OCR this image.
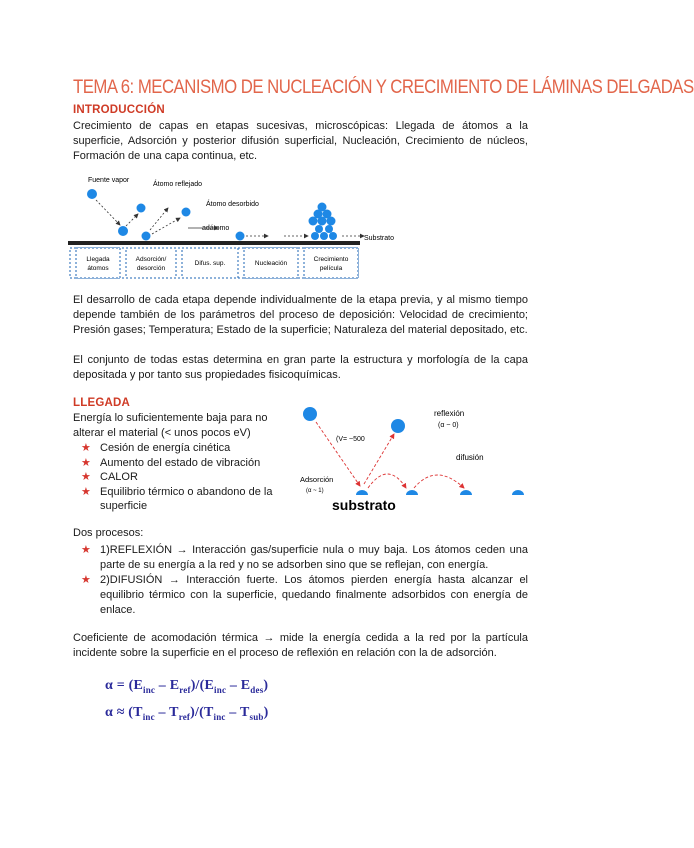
TEMA 6: MECANISMO DE NUCLEACIÓN Y CRECIMIENTO DE LÁMINAS DELGADAS
INTRODUCCIÓN

Crecimiento de capas en etapas sucesivas, microscópicas: Llegada de átomos a la superficie, Adsorción y posterior difusión superficial, Nucleación, Crecimiento de núcleos, Formación de una capa continua, etc.

Fuente vapor
Átomo reflejado
Átomo desorbido
adátomo
Substrato
Llegada
átomos
Adsorción/
desorción
Difus. sup.	Nucleación
Crecimiento
película

El desarrollo de cada etapa depende individualmente de la etapa previa, y al mismo tiempo depende también de los parámetros del proceso de deposición: Velocidad de crecimiento; Presión gases; Temperatura; Estado de la superficie; Naturaleza del material depositado, etc.

El conjunto de todas estas determina en gran parte la estructura y morfología de la capa depositada y por tanto sus propiedades fisicoquímicas.

LLEGADA

Energía lo suficientemente baja para no alterar el material (< unos pocos eV)

★ Cesión de energía cinética
★ Aumento del estado de vibración
★ CALOR
★ Equilibrio térmico o abandono de la superficie
reflexión
(α ~ 0)
(V= ~500
difusión
Adsorción
(α ~ 1)
substrato
Dos procesos:
★ 1)REFLEXIÓN → Interacción gas/superficie nula o muy baja. Los átomos ceden una parte de su energía a la red y no se adsorben sino que se reflejan, con energía.
★ 2)DIFUSIÓN → Interacción fuerte. Los átomos pierden energía hasta alcanzar el equilibrio térmico con la superficie, quedando finalmente adsorbidos con energía de enlace.

Coeficiente de acomodación térmica → mide la energía cedida a la red por la partícula incidente sobre la superficie en el proceso de reflexión en relación con la de adsorción.

$\alpha = (E_{inc} - E_{ref})/(E_{inc} - E_{des})$
$\alpha \approx (T_{inc} - T_{ref})/(T_{inc} - T_{sub})$
